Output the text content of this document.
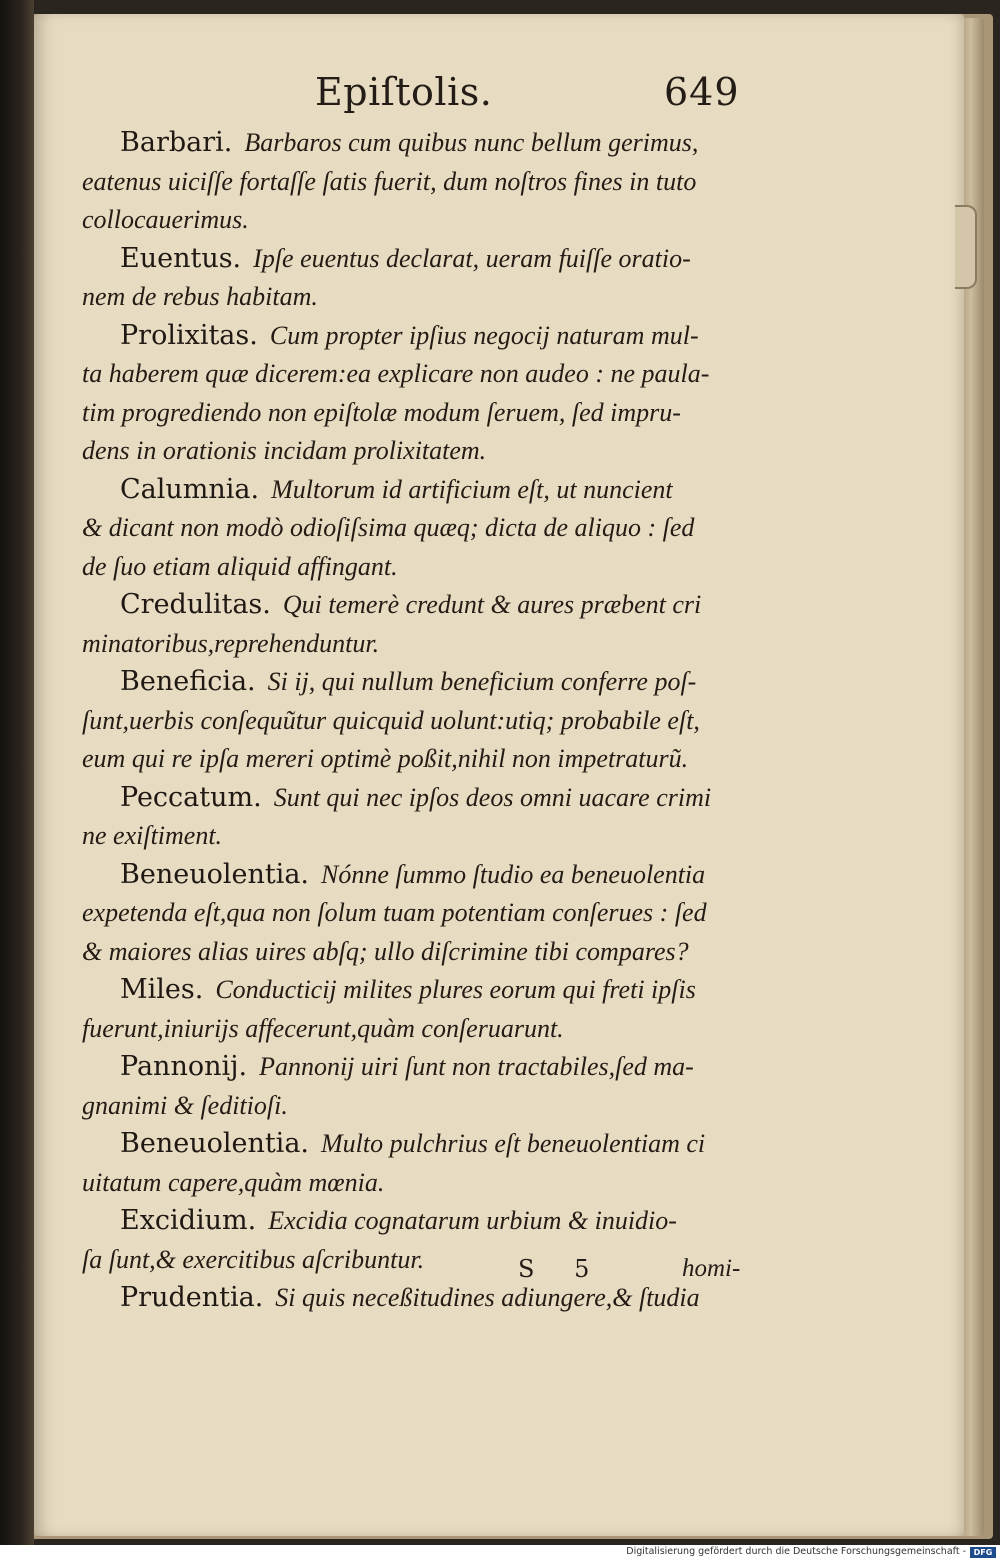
Epiſtolis.	649
Barbari. Barbaros cum quibus nunc bellum gerimus,
eatenus uiciſſe fortaſſe ſatis fuerit, dum noſtros fines in tuto
collocauerimus.
Euentus. Ipſe euentus declarat, ueram fuiſſe oratio-
nem de rebus habitam.
Prolixitas. Cum propter ipſius negocij naturam mul-
ta haberem quæ dicerem:ea explicare non audeo : ne paula-
tim progrediendo non epiſtolæ modum ſeruem, ſed impru-
dens in orationis incidam prolixitatem.
Calumnia. Multorum id artificium eſt, ut nuncient
& dicant non modò odioſiſsima quæq; dicta de aliquo : ſed
de ſuo etiam aliquid affingant.
Credulitas. Qui temerè credunt & aures præbent cri
minatoribus,reprehenduntur.
Beneficia. Si ij, qui nullum beneficium conferre poſ-
ſunt,uerbis conſequũtur quicquid uolunt:utiq; probabile eſt,
eum qui re ipſa mereri optimè poßit,nihil non impetraturũ.
Peccatum. Sunt qui nec ipſos deos omni uacare crimi
ne exiſtiment.
Beneuolentia. Nónne ſummo ſtudio ea beneuolentia
expetenda eſt,qua non ſolum tuam potentiam conſerues : ſed
& maiores alias uires abſq; ullo diſcrimine tibi compares?
Miles. Conducticij milites plures eorum qui freti ipſis
fuerunt,iniurijs affecerunt,quàm conſeruarunt.
Pannonij. Pannonij uiri ſunt non tractabiles,ſed ma-
gnanimi & ſeditioſi.
Beneuolentia. Multo pulchrius eſt beneuolentiam ci
uitatum capere,quàm mœnia.
Excidium. Excidia cognatarum urbium & inuidio-
ſa ſunt,& exercitibus aſcribuntur.
Prudentia. Si quis neceßitudines adiungere,& ſtudia
S 5	homi-
Digitalisierung gefördert durch die Deutsche Forschungsgemeinschaft - DFG
